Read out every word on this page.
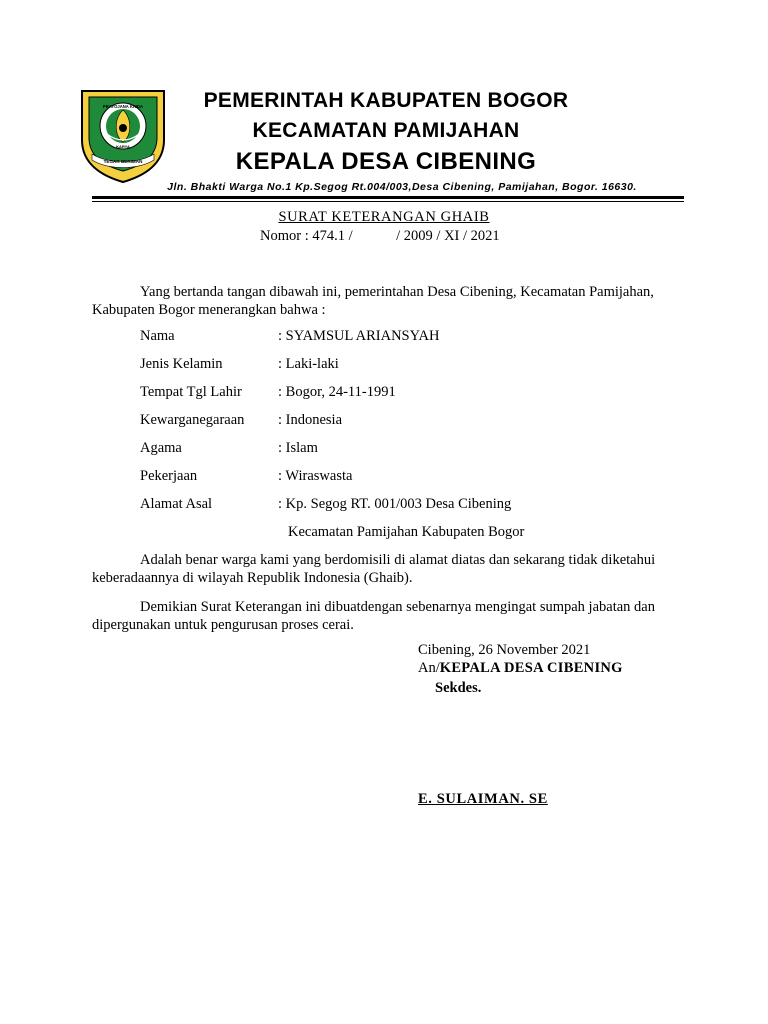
PRAYOJANA KRIDA
KARYA
TEGAR BERIMAN
PEMERINTAH KABUPATEN BOGOR
KECAMATAN PAMIJAHAN
KEPALA DESA CIBENING
Jln. Bhakti Warga No.1 Kp.Segog Rt.004/003,Desa Cibening, Pamijahan, Bogor. 16630.
SURAT KETERANGAN GHAIB
Nomor : 474.1 /            / 2009 / XI / 2021
Yang bertanda tangan dibawah ini, pemerintahan Desa Cibening, Kecamatan Pamijahan, Kabupaten Bogor menerangkan bahwa :
Nama	: SYAMSUL ARIANSYAH
Jenis Kelamin	: Laki-laki
Tempat Tgl Lahir : Bogor, 24-11-1991
Kewarganegaraan : Indonesia
Agama	: Islam
Pekerjaan	: Wiraswasta
Alamat Asal	: Kp. Segog RT. 001/003 Desa Cibening
Kecamatan Pamijahan Kabupaten Bogor
Adalah benar warga kami yang berdomisili di alamat diatas dan sekarang tidak diketahui keberadaannya di wilayah Republik Indonesia (Ghaib).
Demikian Surat Keterangan ini dibuatdengan sebenarnya mengingat sumpah jabatan dan dipergunakan untuk pengurusan proses cerai.
Cibening, 26 November 2021
An/KEPALA DESA CIBENING
Sekdes.
E. SULAIMAN. SE
